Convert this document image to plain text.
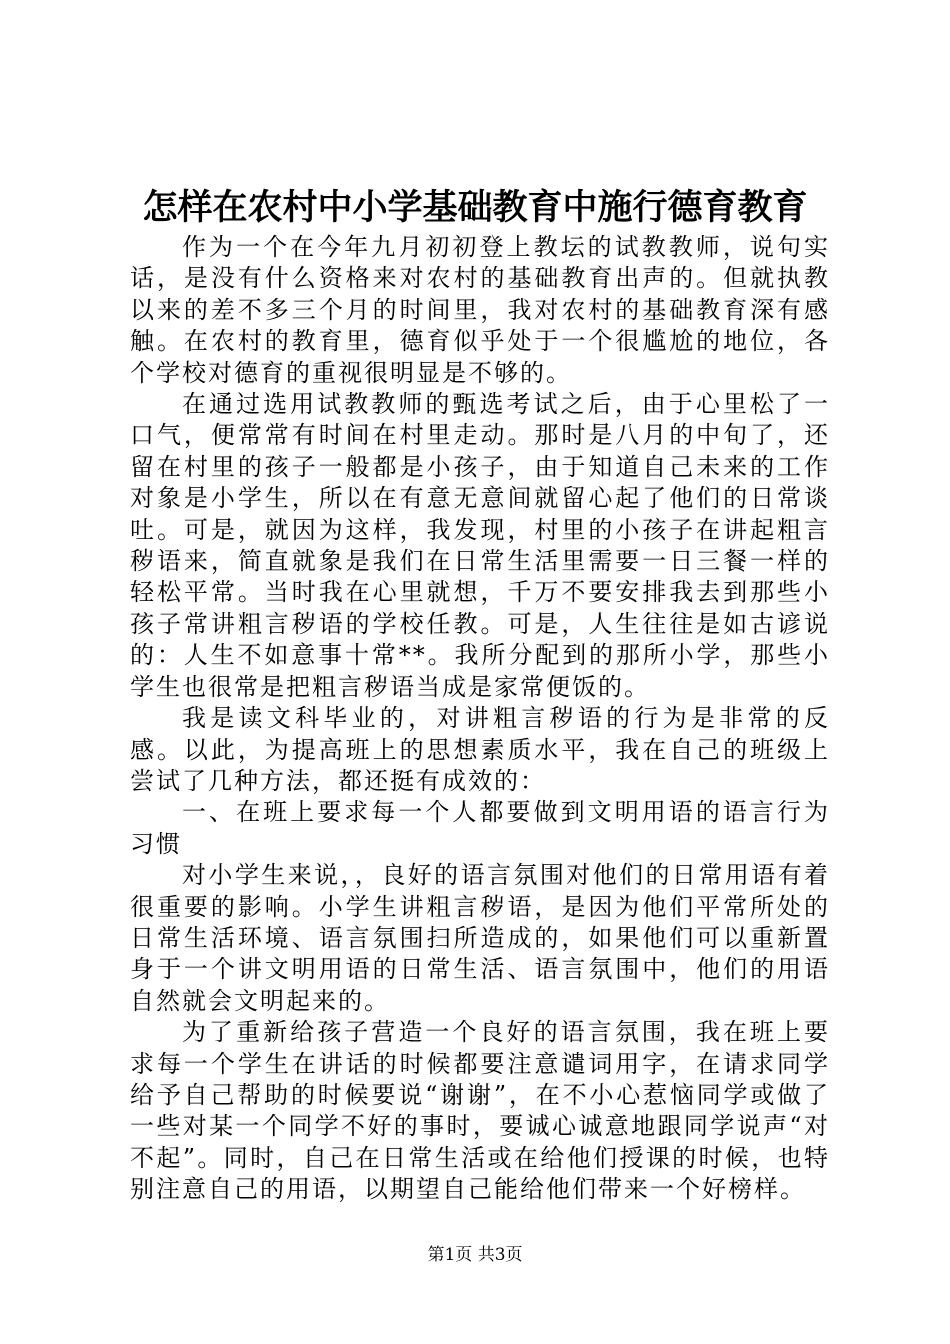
怎样在农村中小学基础教育中施行德育教育

作为一个在今年九月初初登上教坛的试教教师，说句实话，是没有什么资格来对农村的基础教育出声的。但就执教以来的差不多三个月的时间里，我对农村的基础教育深有感触。在农村的教育里，德育似乎处于一个很尴尬的地位，各个学校对德育的重视很明显是不够的。

在通过选用试教教师的甄选考试之后，由于心里松了一口气，便常常有时间在村里走动。那时是八月的中旬了，还留在村里的孩子一般都是小孩子，由于知道自己未来的工作对象是小学生，所以在有意无意间就留心起了他们的日常谈吐。可是，就因为这样，我发现，村里的小孩子在讲起粗言秽语来，简直就象是我们在日常生活里需要一日三餐一样的轻松平常。当时我在心里就想，千万不要安排我去到那些小孩子常讲粗言秽语的学校任教。可是，人生往往是如古谚说的：人生不如意事十常**。我所分配到的那所小学，那些小学生也很常是把粗言秽语当成是家常便饭的。

我是读文科毕业的，对讲粗言秽语的行为是非常的反感。以此，为提高班上的思想素质水平，我在自己的班级上尝试了几种方法，都还挺有成效的：

一、在班上要求每一个人都要做到文明用语的语言行为习惯

对小学生来说，，良好的语言氛围对他们的日常用语有着很重要的影响。小学生讲粗言秽语，是因为他们平常所处的日常生活环境、语言氛围扫所造成的，如果他们可以重新置身于一个讲文明用语的日常生活、语言氛围中，他们的用语自然就会文明起来的。

为了重新给孩子营造一个良好的语言氛围，我在班上要求每一个学生在讲话的时候都要注意谴词用字，在请求同学给予自己帮助的时候要说“谢谢”，在不小心惹恼同学或做了一些对某一个同学不好的事时，要诚心诚意地跟同学说声“对不起”。同时，自己在日常生活或在给他们授课的时候，也特别注意自己的用语，以期望自己能给他们带来一个好榜样。

第1页 共3页
